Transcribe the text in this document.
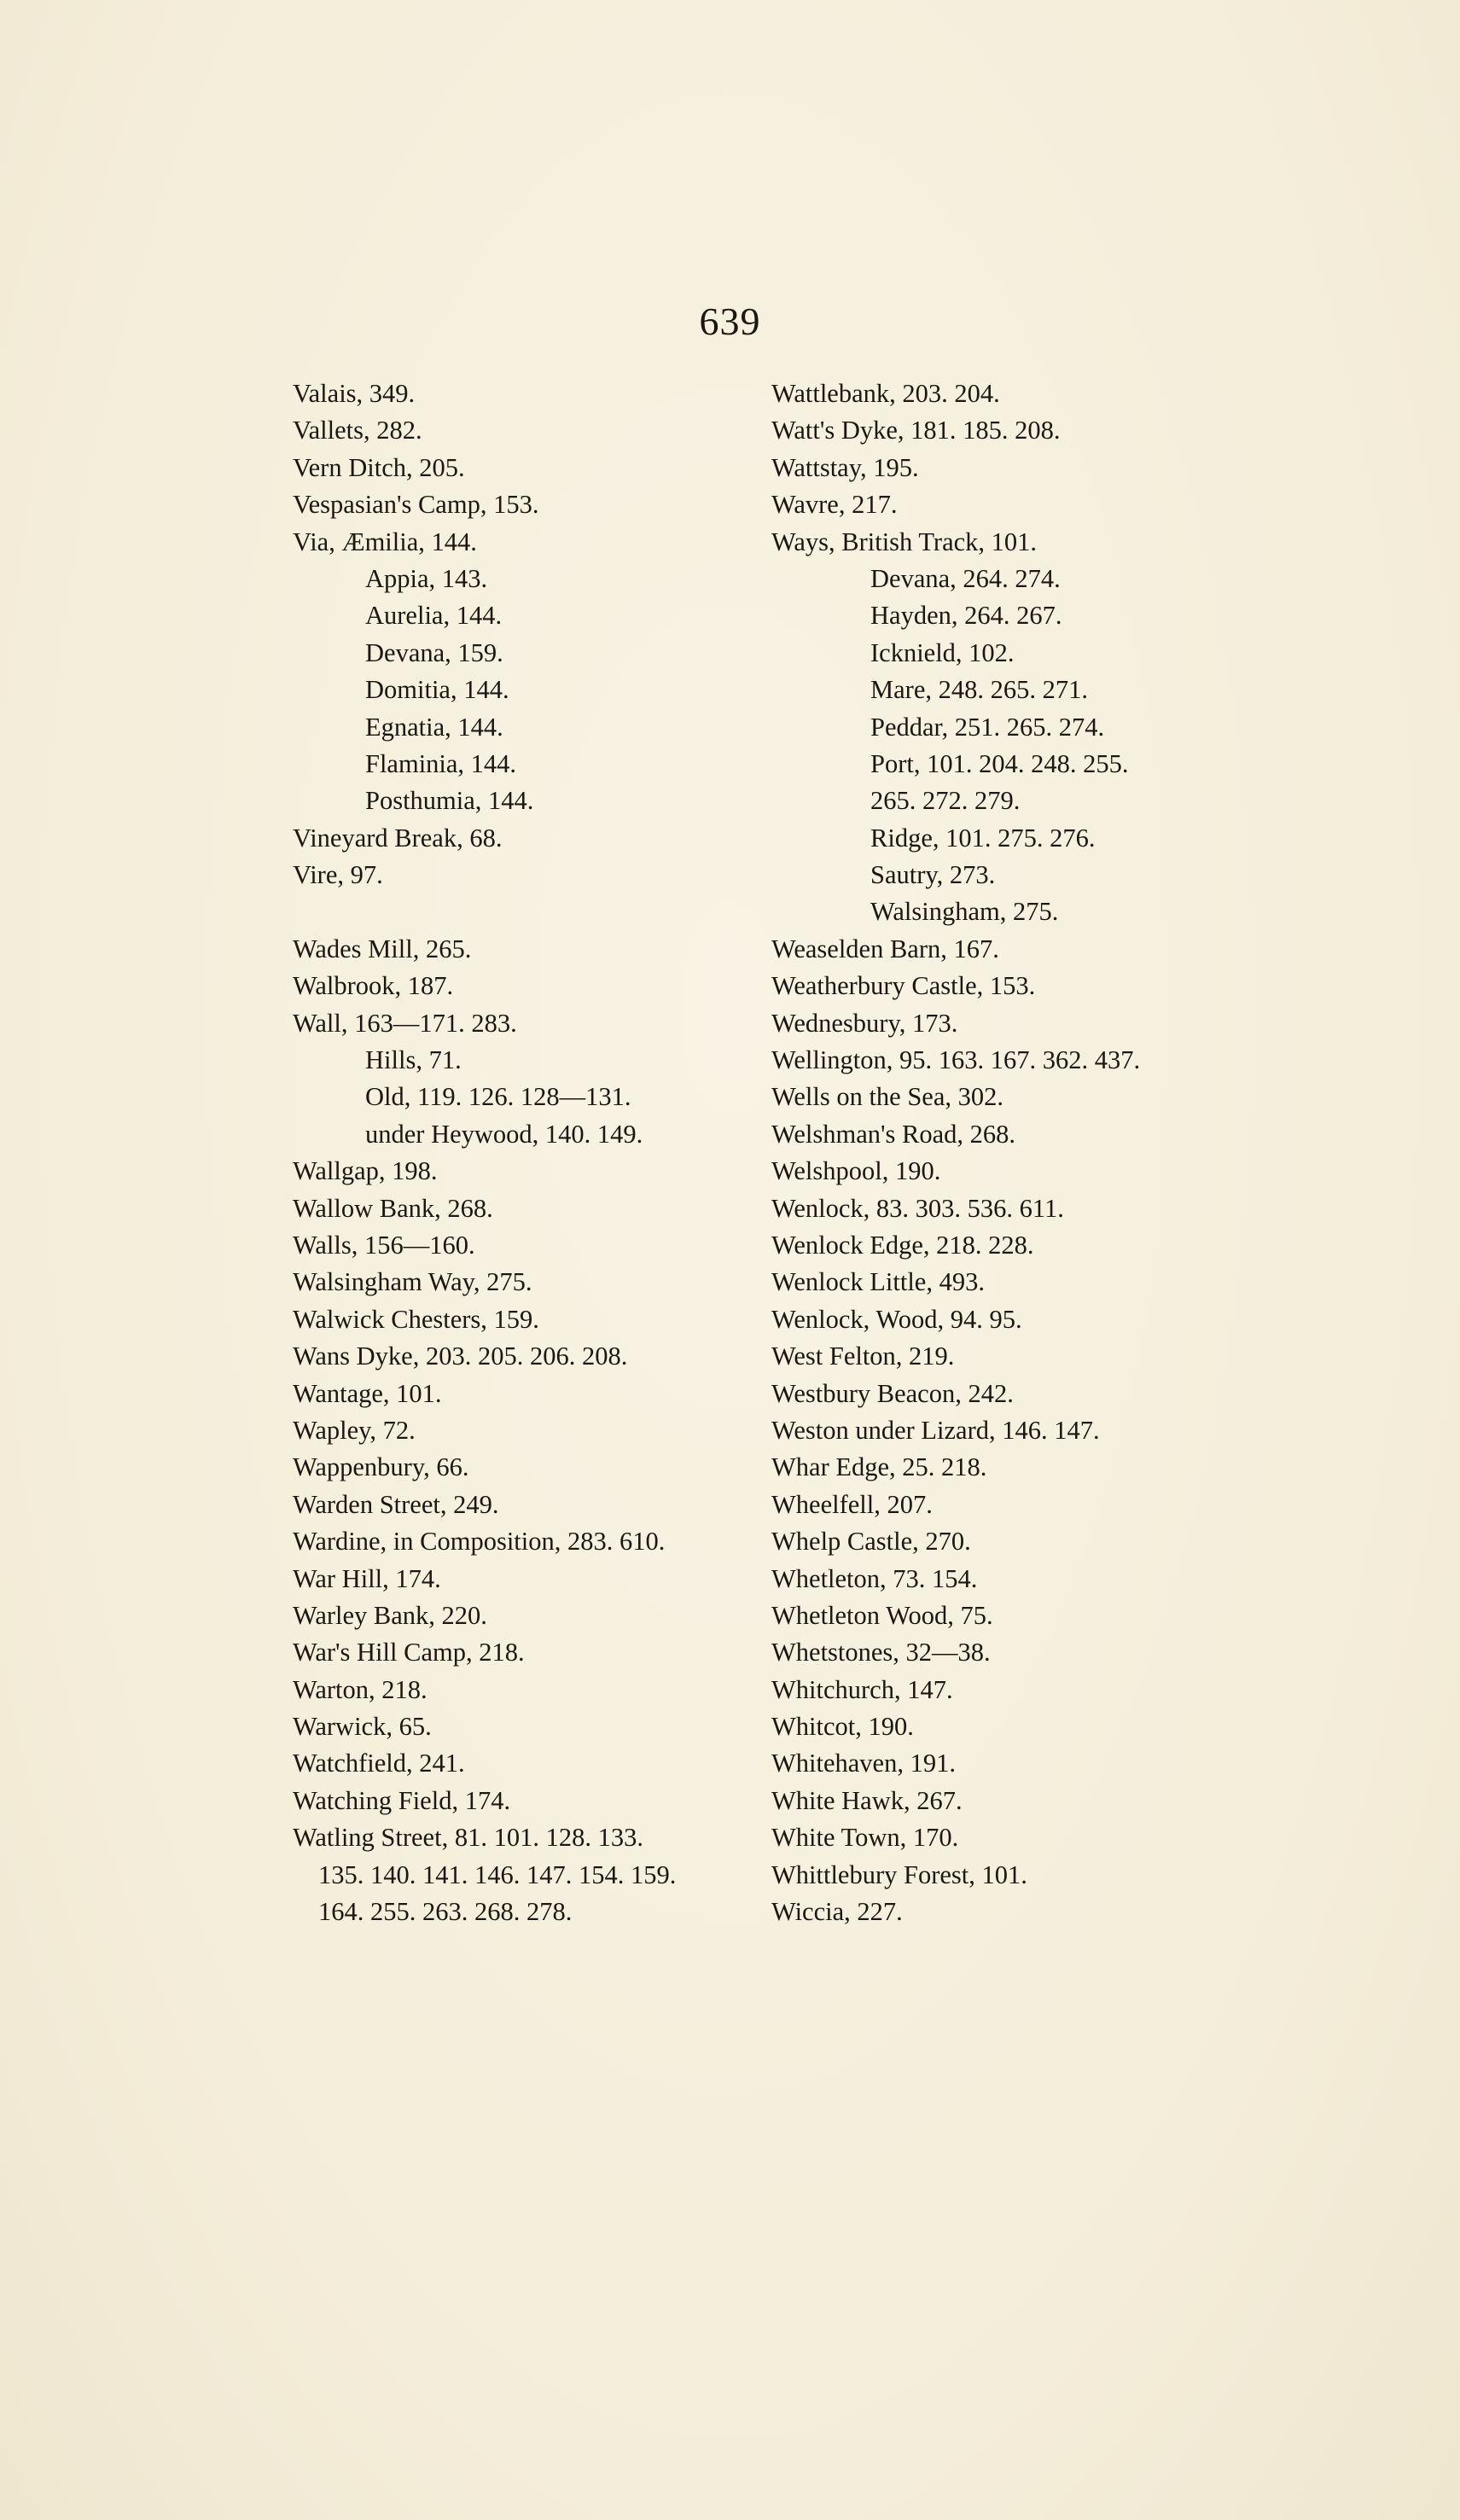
639
Valais, 349.
Vallets, 282.
Vern Ditch, 205.
Vespasian's Camp, 153.
Via, Æmilia, 144.
Appia, 143.
Aurelia, 144.
Devana, 159.
Domitia, 144.
Egnatia, 144.
Flaminia, 144.
Posthumia, 144.
Vineyard Break, 68.
Vire, 97.
Wades Mill, 265.
Walbrook, 187.
Wall, 163—171. 283.
Hills, 71.
Old, 119. 126. 128—131.
under Heywood, 140. 149.
Wallgap, 198.
Wallow Bank, 268.
Walls, 156—160.
Walsingham Way, 275.
Walwick Chesters, 159.
Wans Dyke, 203. 205. 206. 208.
Wantage, 101.
Wapley, 72.
Wappenbury, 66.
Warden Street, 249.
Wardine, in Composition, 283. 610.
War Hill, 174.
Warley Bank, 220.
War's Hill Camp, 218.
Warton, 218.
Warwick, 65.
Watchfield, 241.
Watching Field, 174.
Watling Street, 81. 101. 128. 133.
135. 140. 141. 146. 147. 154. 159.
164. 255. 263. 268. 278.
Wattlebank, 203. 204.
Watt's Dyke, 181. 185. 208.
Wattstay, 195.
Wavre, 217.
Ways, British Track, 101.
Devana, 264. 274.
Hayden, 264. 267.
Icknield, 102.
Mare, 248. 265. 271.
Peddar, 251. 265. 274.
Port, 101. 204. 248. 255.
265. 272. 279.
Ridge, 101. 275. 276.
Sautry, 273.
Walsingham, 275.
Weaselden Barn, 167.
Weatherbury Castle, 153.
Wednesbury, 173.
Wellington, 95. 163. 167. 362. 437.
Wells on the Sea, 302.
Welshman's Road, 268.
Welshpool, 190.
Wenlock, 83. 303. 536. 611.
Wenlock Edge, 218. 228.
Wenlock Little, 493.
Wenlock, Wood, 94. 95.
West Felton, 219.
Westbury Beacon, 242.
Weston under Lizard, 146. 147.
Whar Edge, 25. 218.
Wheelfell, 207.
Whelp Castle, 270.
Whetleton, 73. 154.
Whetleton Wood, 75.
Whetstones, 32—38.
Whitchurch, 147.
Whitcot, 190.
Whitehaven, 191.
White Hawk, 267.
White Town, 170.
Whittlebury Forest, 101.
Wiccia, 227.
